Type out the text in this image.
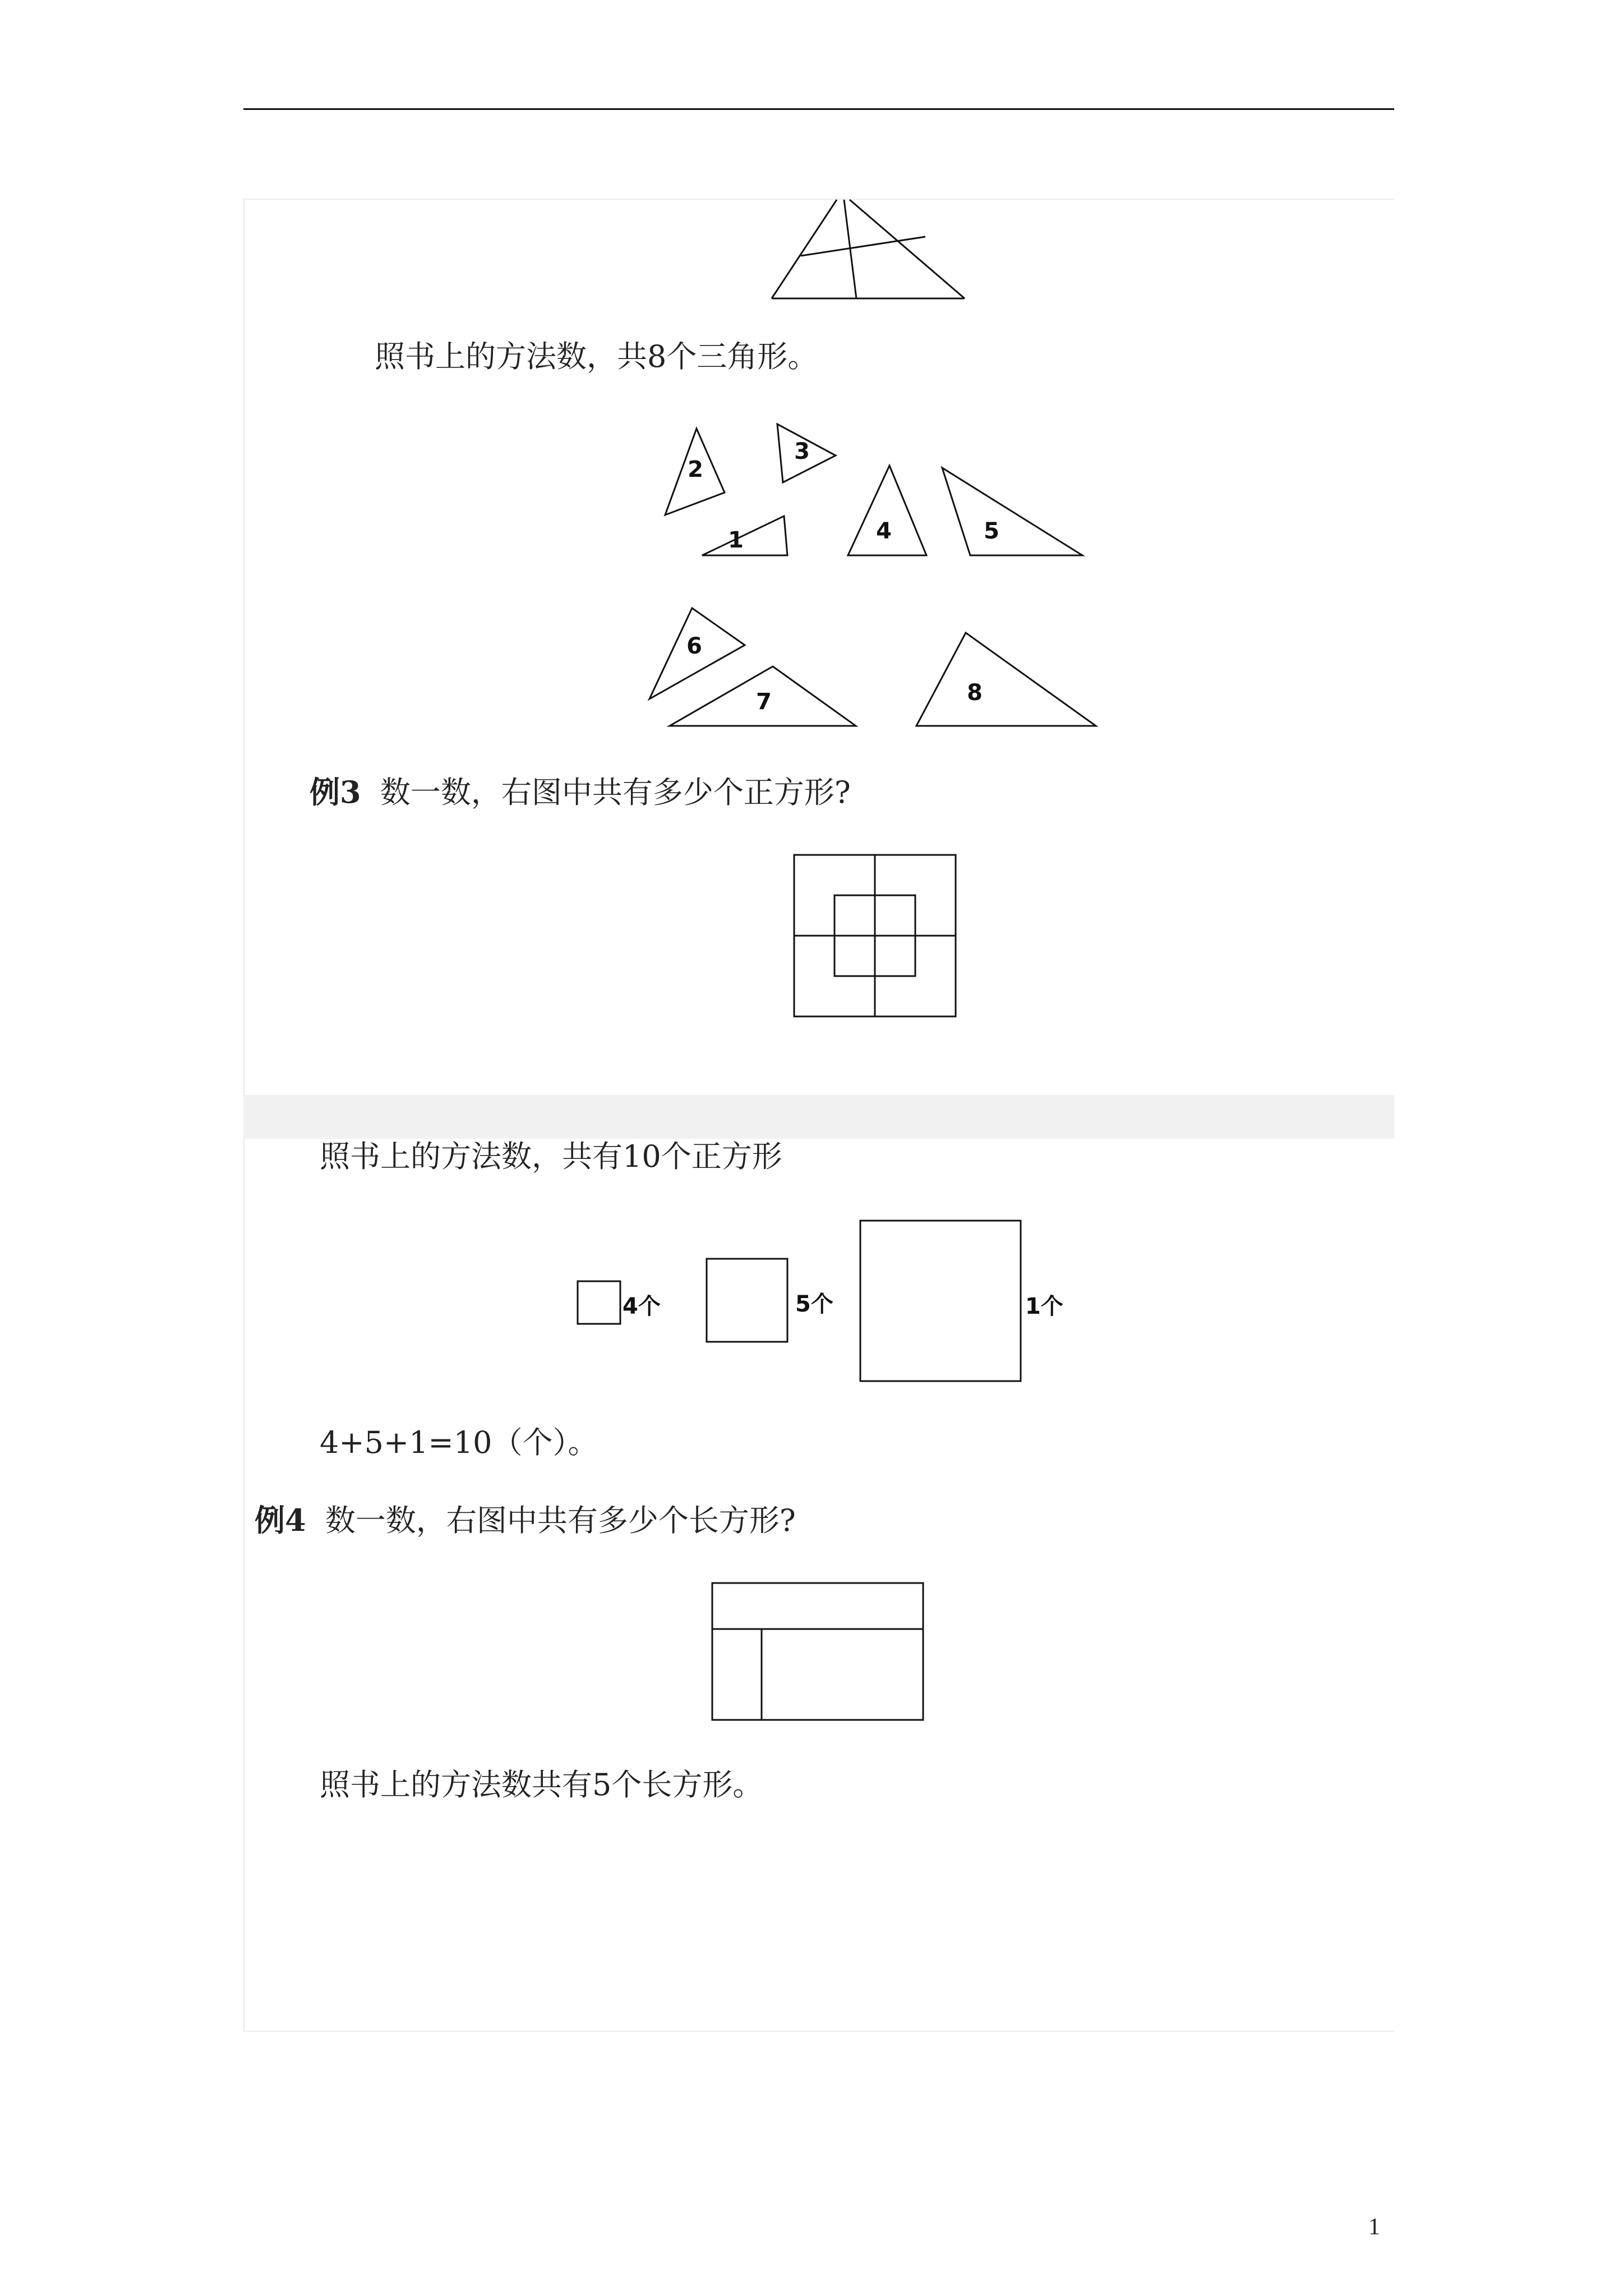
照书上的方法数，共8个三角形。
1
2
3
4	5
6
7	8
例3 数一数，右图中共有多少个正方形?
照书上的方法数，共有10个正方形
4个	5个	1个
4+5+1=10（个）。
例4 数一数，右图中共有多少个长方形?
照书上的方法数共有5个长方形。
1
